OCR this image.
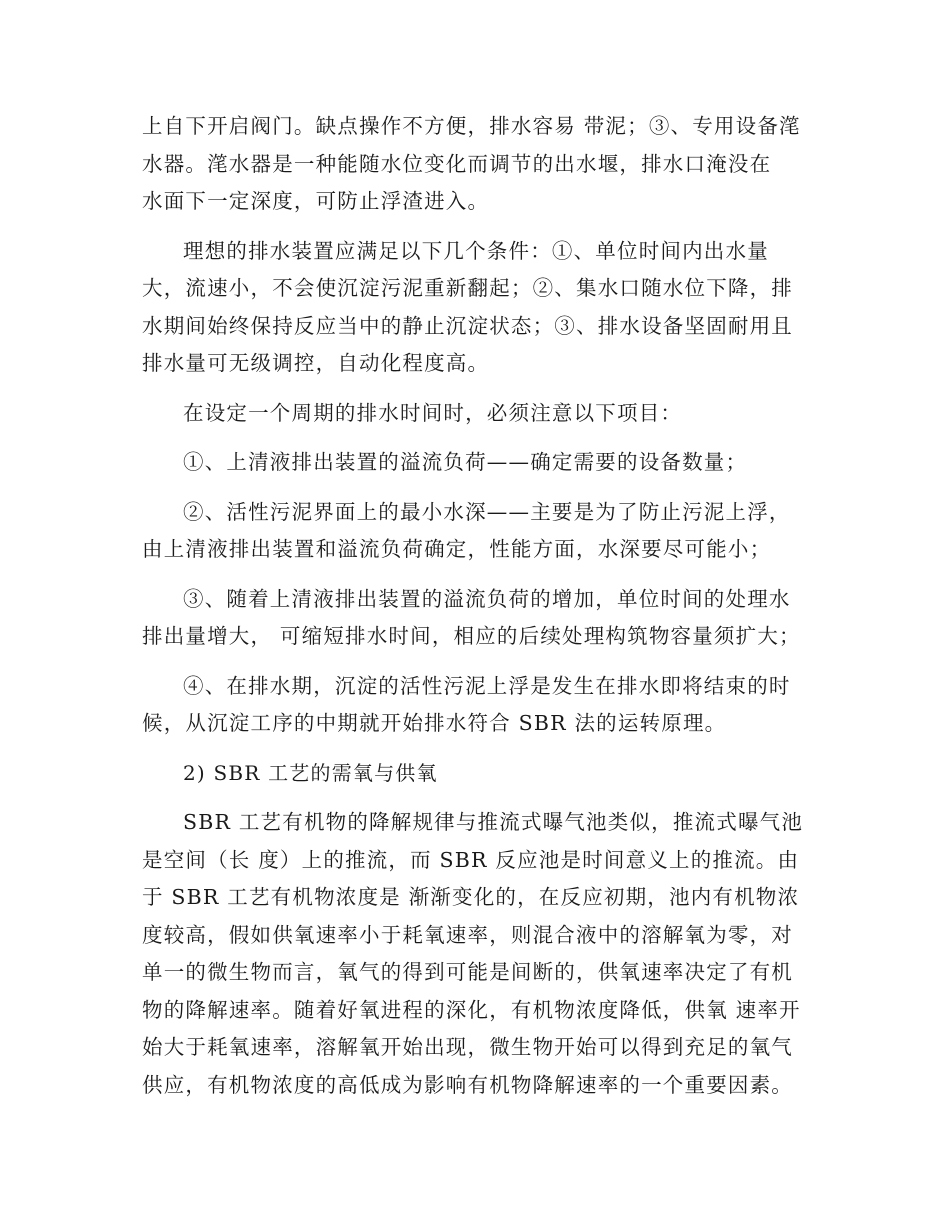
上自下开启阀门。缺点操作不方便，排水容易 带泥；③、专用设备滗
水器。滗水器是一种能随水位变化而调节的出水堰，排水口淹没在
水面下一定深度，可防止浮渣进入。

理想的排水装置应满足以下几个条件：①、单位时间内出水量
大，流速小，不会使沉淀污泥重新翻起；②、集水口随水位下降，排
水期间始终保持反应当中的静止沉淀状态；③、排水设备坚固耐用且
排水量可无级调控，自动化程度高。

在设定一个周期的排水时间时，必须注意以下项目：

①、上清液排出装置的溢流负荷——确定需要的设备数量；

②、活性污泥界面上的最小水深——主要是为了防止污泥上浮，
由上清液排出装置和溢流负荷确定，性能方面，水深要尽可能小；

③、随着上清液排出装置的溢流负荷的增加，单位时间的处理水
排出量增大， 可缩短排水时间，相应的后续处理构筑物容量须扩大；

④、在排水期，沉淀的活性污泥上浮是发生在排水即将结束的时
候，从沉淀工序的中期就开始排水符合 SBR 法的运转原理。

2) SBR 工艺的需氧与供氧

SBR 工艺有机物的降解规律与推流式曝气池类似，推流式曝气池
是空间（长 度）上的推流，而 SBR 反应池是时间意义上的推流。由
于 SBR 工艺有机物浓度是 渐渐变化的，在反应初期，池内有机物浓
度较高，假如供氧速率小于耗氧速率，则混合液中的溶解氧为零，对
单一的微生物而言，氧气的得到可能是间断的，供氧速率决定了有机
物的降解速率。随着好氧进程的深化，有机物浓度降低，供氧 速率开
始大于耗氧速率，溶解氧开始出现，微生物开始可以得到充足的氧气
供应，有机物浓度的高低成为影响有机物降解速率的一个重要因素。
